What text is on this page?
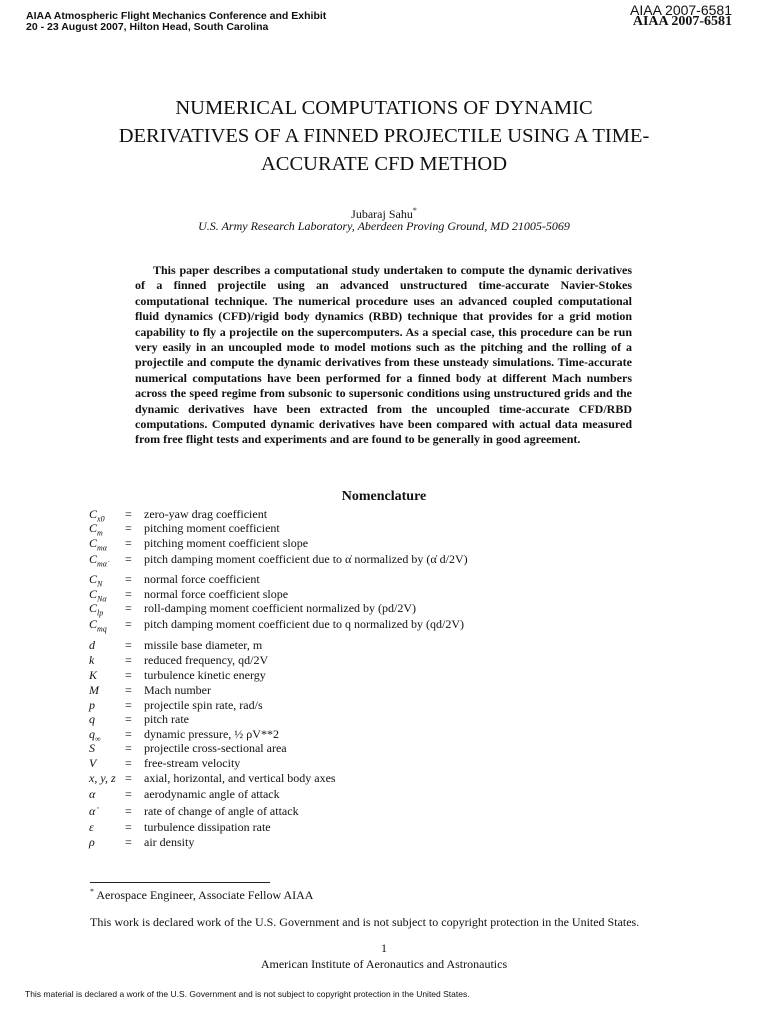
AIAA Atmospheric Flight Mechanics Conference and Exhibit
20 - 23 August 2007, Hilton Head, South Carolina
AIAA 2007-6581
AIAA 2007-6581
NUMERICAL COMPUTATIONS OF DYNAMIC
DERIVATIVES OF A FINNED PROJECTILE USING A TIME-
ACCURATE CFD METHOD
Jubaraj Sahu*
U.S. Army Research Laboratory, Aberdeen Proving Ground, MD 21005-5069

This paper describes a computational study undertaken to compute the dynamic derivatives of a finned projectile using an advanced unstructured time-accurate Navier-Stokes computational technique. The numerical procedure uses an advanced coupled computational fluid dynamics (CFD)/rigid body dynamics (RBD) technique that provides for a grid motion capability to fly a projectile on the supercomputers. As a special case, this procedure can be run very easily in an uncoupled mode to model motions such as the pitching and the rolling of a projectile and compute the dynamic derivatives from these unsteady simulations. Time-accurate numerical computations have been performed for a finned body at different Mach numbers across the speed regime from subsonic to supersonic conditions using unstructured grids and the dynamic derivatives have been extracted from the uncoupled time-accurate CFD/RBD computations. Computed dynamic derivatives have been compared with actual data measured from free flight tests and experiments and are found to be generally in good agreement.

Nomenclature
$C_{x0}$ = zero-yaw drag coefficient
$C_m$ = pitching moment coefficient
$C_{m\alpha}$ = pitching moment coefficient slope
$C_{m\alphȧ}$ = pitch damping moment coefficient due to α̇ normalized by (α̇ d/2V)
$C_N$ = normal force coefficient
$C_{N\alpha}$ = normal force coefficient slope
$C_{lp}$ = roll-damping moment coefficient normalized by (pd/2V)
$C_{mq}$ = pitch damping moment coefficient due to q normalized by (qd/2V)
d	= missile base diameter, m
k	= reduced frequency, qd/2V
K = turbulence kinetic energy
M = Mach number
p	= projectile spin rate, rad/s
q	= pitch rate
$q_\infty$ = dynamic pressure, ½ ρV**2
S	= projectile cross-sectional area
V = free-stream velocity
x, y, z = axial, horizontal, and vertical body axes
α = aerodynamic angle of attack
α̇ = rate of change of angle of attack
ε	= turbulence dissipation rate
ρ	= air density
* Aerospace Engineer, Associate Fellow AIAA
This work is declared work of the U.S. Government and is not subject to copyright protection in the United States.
1
American Institute of Aeronautics and Astronautics
This material is declared a work of the U.S. Government and is not subject to copyright protection in the United States.
